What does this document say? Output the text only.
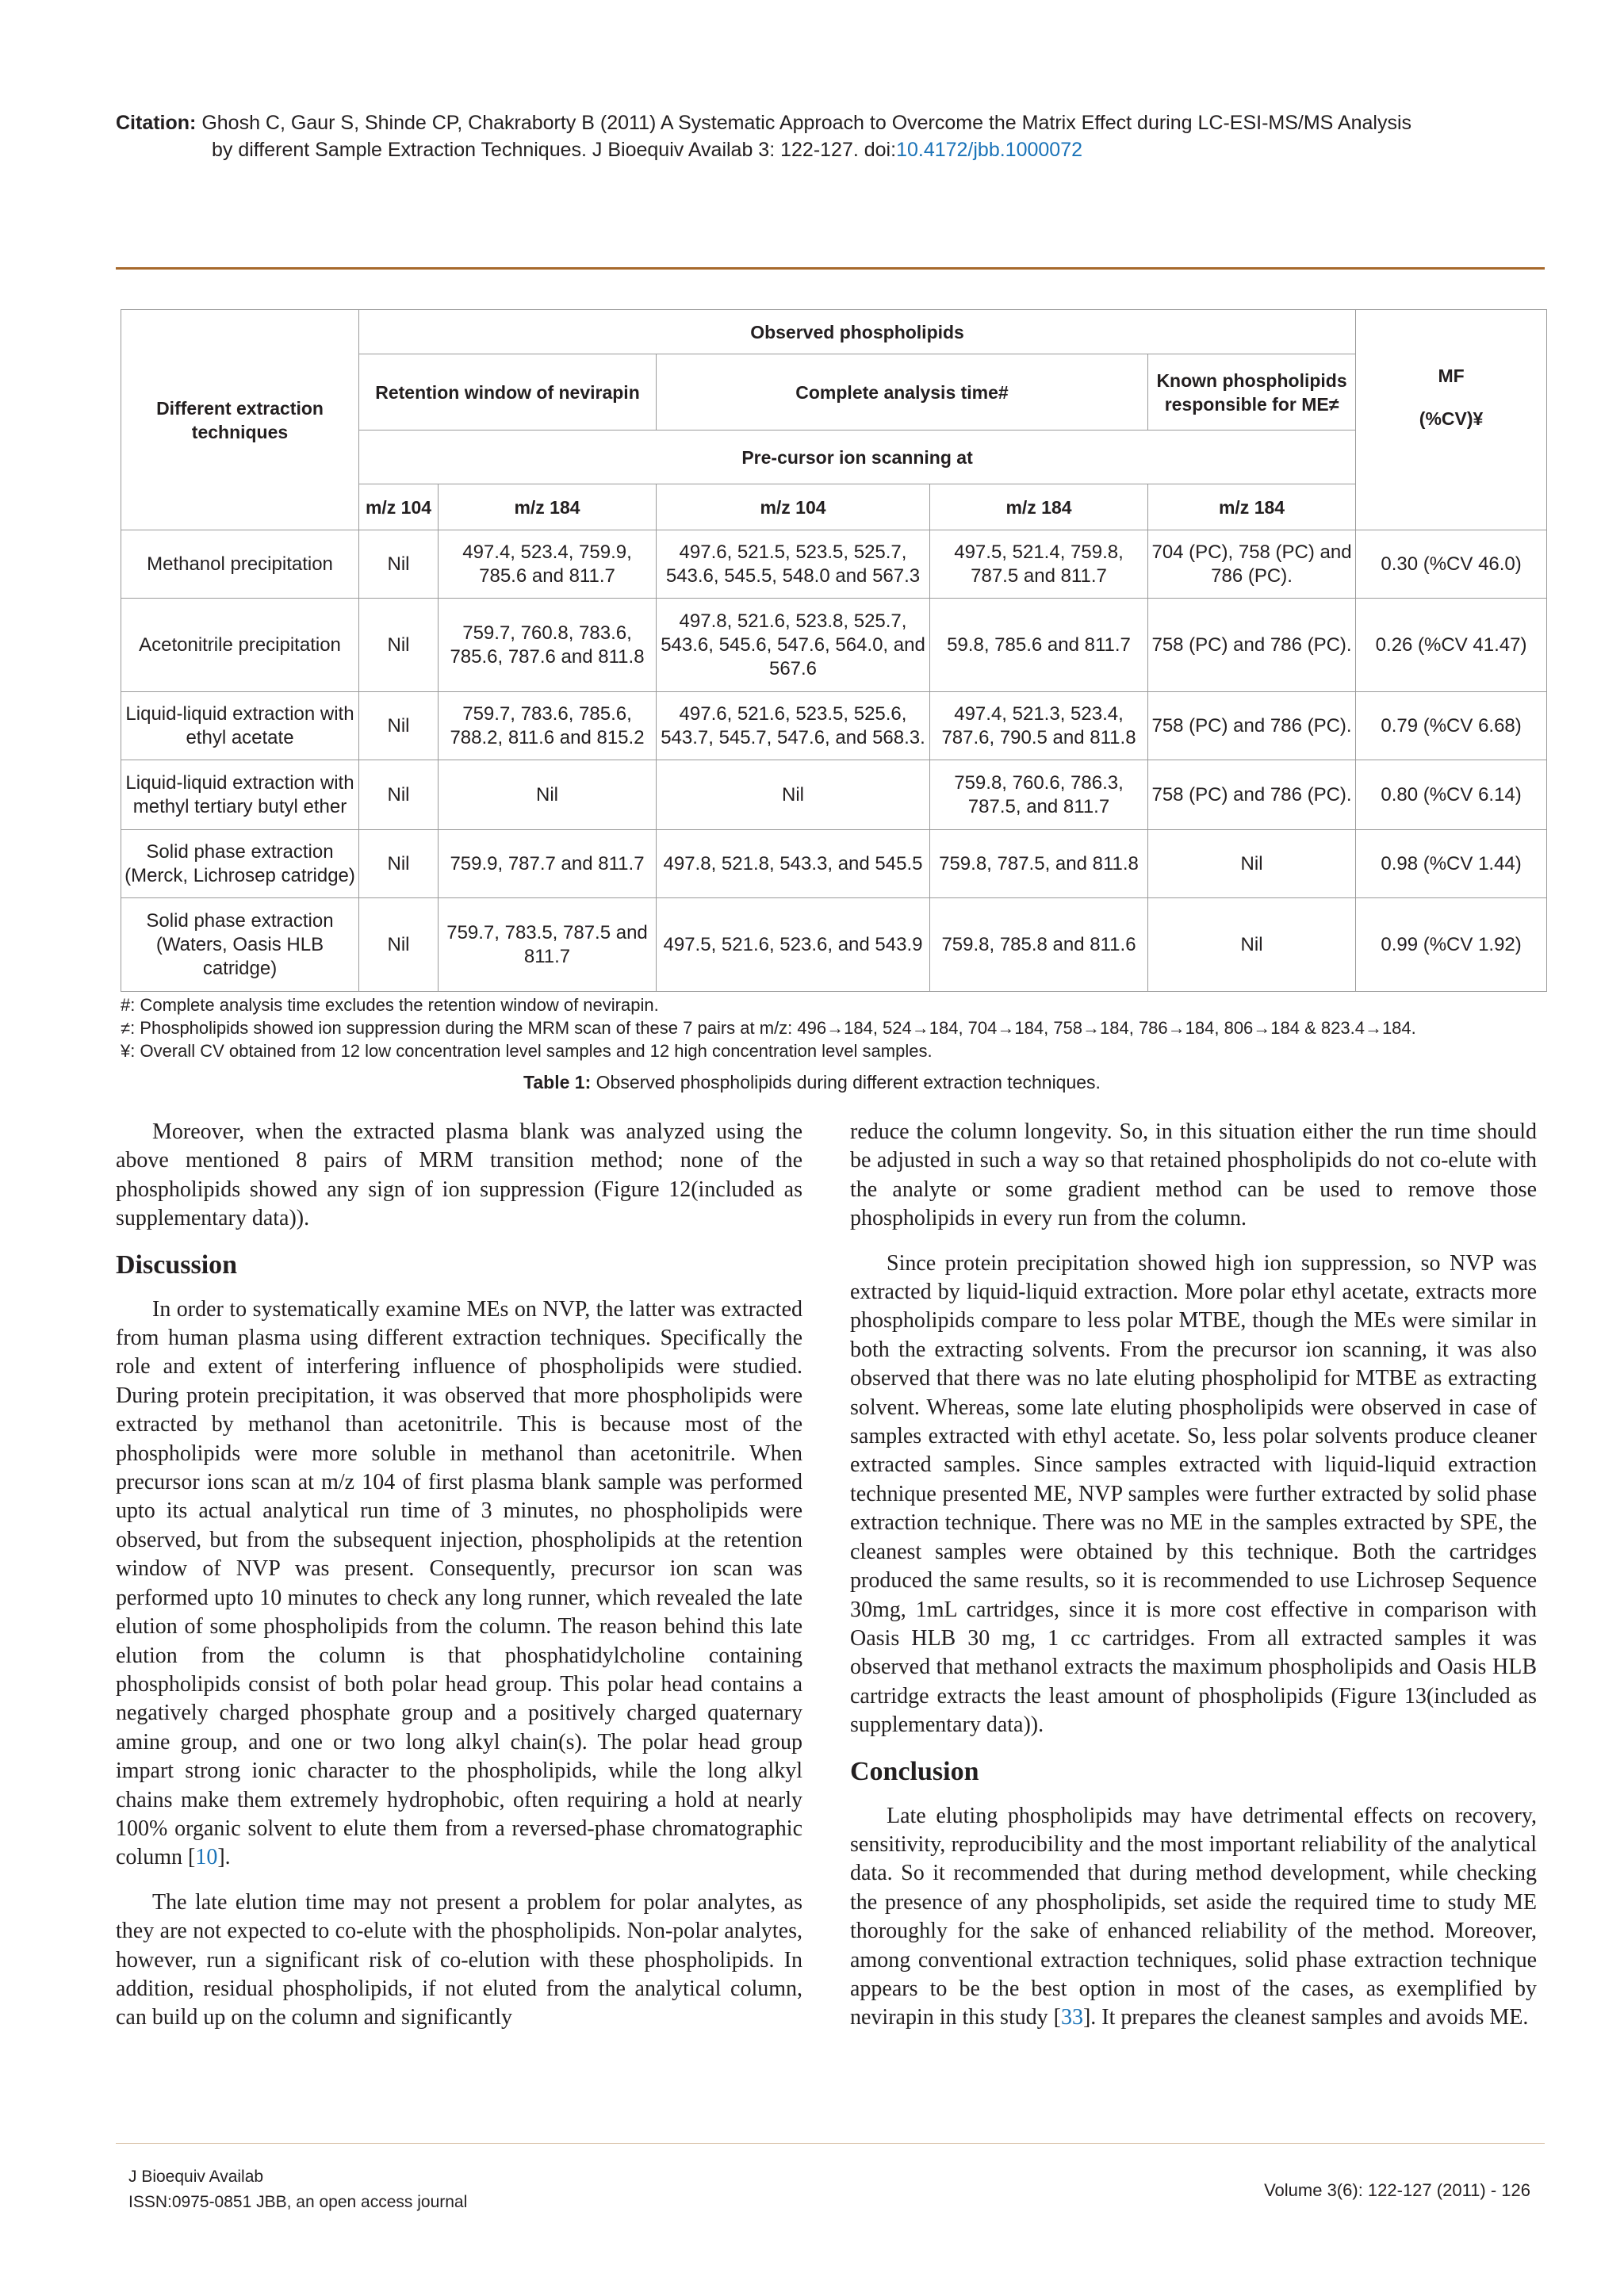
Citation: Ghosh C, Gaur S, Shinde CP, Chakraborty B (2011) A Systematic Approach to Overcome the Matrix Effect during LC-ESI-MS/MS Analysis
by different Sample Extraction Techniques. J Bioequiv Availab 3: 122-127. doi:10.4172/jbb.1000072
Different extraction techniques	Observed phospholipids					MF
(%CV)¥

	Retention window of nevirapin		Complete analysis time#		Known phospholipids responsible for ME≠	
	Pre-cursor ion scanning at					
	m/z 104	m/z 184	m/z 104	m/z 184	m/z 184	
Methanol precipitation	Nil	497.4, 523.4, 759.9, 785.6 and 811.7	497.6, 521.5, 523.5, 525.7, 543.6, 545.5, 548.0 and 567.3	497.5, 521.4, 759.8, 787.5 and 811.7	704 (PC), 758 (PC) and 786 (PC).	0.30 (%CV 46.0)
Acetonitrile precipitation	Nil	759.7, 760.8, 783.6, 785.6, 787.6 and 811.8	497.8, 521.6, 523.8, 525.7, 543.6, 545.6, 547.6, 564.0, and 567.6	59.8, 785.6 and 811.7	758 (PC) and 786 (PC).	0.26 (%CV 41.47)
Liquid-liquid extraction with ethyl acetate	Nil	759.7, 783.6, 785.6, 788.2, 811.6 and 815.2	497.6, 521.6, 523.5, 525.6, 543.7, 545.7, 547.6, and 568.3.	497.4, 521.3, 523.4, 787.6, 790.5 and 811.8	758 (PC) and 786 (PC).	0.79 (%CV 6.68)
Liquid-liquid extraction with methyl tertiary butyl ether	Nil	Nil	Nil	759.8, 760.6, 786.3, 787.5, and 811.7	758 (PC) and 786 (PC).	0.80 (%CV 6.14)
Solid phase extraction (Merck, Lichrosep catridge)	Nil	759.9, 787.7 and 811.7	497.8, 521.8, 543.3, and 545.5	759.8, 787.5, and 811.8	Nil	0.98 (%CV 1.44)
Solid phase extraction (Waters, Oasis HLB catridge)	Nil	759.7, 783.5, 787.5 and 811.7	497.5, 521.6, 523.6, and 543.9	759.8, 785.8 and 811.6	Nil	0.99 (%CV 1.92)
#: Complete analysis time excludes the retention window of nevirapin.
≠: Phospholipids showed ion suppression during the MRM scan of these 7 pairs at m/z: 496→184, 524→184, 704→184, 758→184, 786→184, 806→184 & 823.4→184.
¥: Overall CV obtained from 12 low concentration level samples and 12 high concentration level samples.
Table 1: Observed phospholipids during different extraction techniques.

Moreover, when the extracted plasma blank was analyzed using the above mentioned 8 pairs of MRM transition method; none of the phospholipids showed any sign of ion suppression (Figure 12(included as supplementary data)).

Discussion

In order to systematically examine MEs on NVP, the latter was extracted from human plasma using different extraction techniques. Specifically the role and extent of interfering influence of phospholipids were studied. During protein precipitation, it was observed that more phospholipids were extracted by methanol than acetonitrile. This is because most of the phospholipids were more soluble in methanol than acetonitrile. When precursor ions scan at m/z 104 of first plasma blank sample was performed upto its actual analytical run time of 3 minutes, no phospholipids were observed, but from the subsequent injection, phospholipids at the retention window of NVP was present. Consequently, precursor ion scan was performed upto 10 minutes to check any long runner, which revealed the late elution of some phospholipids from the column. The reason behind this late elution from the column is that phosphatidylcholine containing phospholipids consist of both polar head group. This polar head contains a negatively charged phosphate group and a positively charged quaternary amine group, and one or two long alkyl chain(s). The polar head group impart strong ionic character to the phospholipids, while the long alkyl chains make them extremely hydrophobic, often requiring a hold at nearly 100% organic solvent to elute them from a reversed-phase chromatographic column [10].

The late elution time may not present a problem for polar analytes, as they are not expected to co-elute with the phospholipids. Non-polar analytes, however, run a significant risk of co-elution with these phospholipids. In addition, residual phospholipids, if not eluted from the analytical column, can build up on the column and significantly

reduce the column longevity. So, in this situation either the run time should be adjusted in such a way so that retained phospholipids do not co-elute with the analyte or some gradient method can be used to remove those phospholipids in every run from the column.

Since protein precipitation showed high ion suppression, so NVP was extracted by liquid-liquid extraction. More polar ethyl acetate, extracts more phospholipids compare to less polar MTBE, though the MEs were similar in both the extracting solvents. From the precursor ion scanning, it was also observed that there was no late eluting phospholipid for MTBE as extracting solvent. Whereas, some late eluting phospholipids were observed in case of samples extracted with ethyl acetate. So, less polar solvents produce cleaner extracted samples. Since samples extracted with liquid-liquid extraction technique presented ME, NVP samples were further extracted by solid phase extraction technique. There was no ME in the samples extracted by SPE, the cleanest samples were obtained by this technique. Both the cartridges produced the same results, so it is recommended to use Lichrosep Sequence 30mg, 1mL cartridges, since it is more cost effective in comparison with Oasis HLB 30 mg, 1 cc cartridges. From all extracted samples it was observed that methanol extracts the maximum phospholipids and Oasis HLB cartridge extracts the least amount of phospholipids (Figure 13(included as supplementary data)).

Conclusion

Late eluting phospholipids may have detrimental effects on recovery, sensitivity, reproducibility and the most important reliability of the analytical data. So it recommended that during method development, while checking the presence of any phospholipids, set aside the required time to study ME thoroughly for the sake of enhanced reliability of the method. Moreover, among conventional extraction techniques, solid phase extraction technique appears to be the best option in most of the cases, as exemplified by nevirapin in this study [33]. It prepares the cleanest samples and avoids ME.

J Bioequiv Availab
ISSN:0975-0851 JBB, an open access journal
Volume 3(6): 122-127 (2011) - 126
